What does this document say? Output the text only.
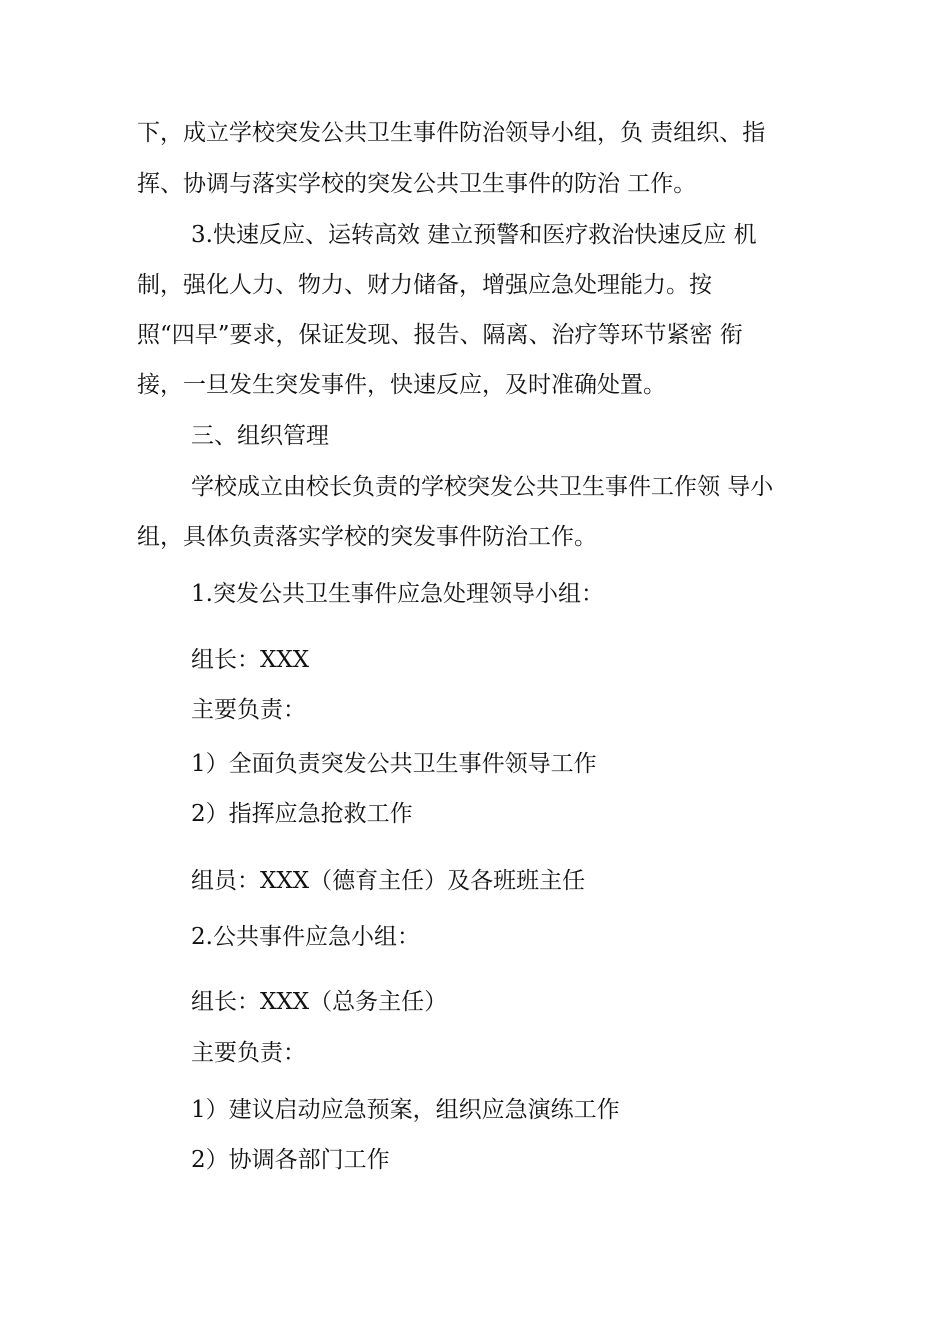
下，成立学校突发公共卫生事件防治领导小组，负 责组织、指
挥、协调与落实学校的突发公共卫生事件的防治 工作。
3.快速反应、运转高效 建立预警和医疗救治快速反应 机
制，强化人力、物力、财力储备，增强应急处理能力。按
照“四早”要求，保证发现、报告、隔离、治疗等环节紧密 衔
接，一旦发生突发事件，快速反应，及时准确处置。
三、组织管理
学校成立由校长负责的学校突发公共卫生事件工作领 导小
组，具体负责落实学校的突发事件防治工作。
1.突发公共卫生事件应急处理领导小组：
组长：XXX
主要负责：
1）全面负责突发公共卫生事件领导工作
2）指挥应急抢救工作
组员：XXX（德育主任）及各班班主任
2.公共事件应急小组：
组长：XXX（总务主任）
主要负责：
1）建议启动应急预案，组织应急演练工作
2）协调各部门工作
